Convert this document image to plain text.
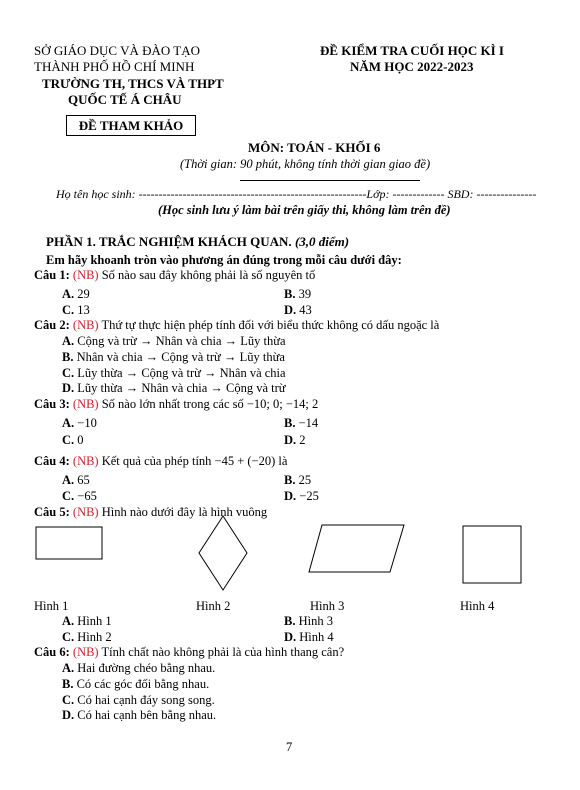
SỞ GIÁO DỤC VÀ ĐÀO TẠO
THÀNH PHỐ HỒ CHÍ MINH
TRƯỜNG TH, THCS VÀ THPT
QUỐC TẾ Á CHÂU
ĐỀ KIỂM TRA CUỐI HỌC KÌ I
NĂM HỌC 2022-2023
ĐỀ THAM KHẢO
MÔN: TOÁN - KHỐI 6
(Thời gian: 90 phút, không tính thời gian giao đề)
Họ tên học sinh: ---------------------------------------------------------Lớp: ------------- SBD: ---------------
(Học sinh lưu ý làm bài trên giấy thi, không làm trên đề)
PHẦN 1. TRẮC NGHIỆM KHÁCH QUAN. (3,0 điểm)
Em hãy khoanh tròn vào phương án đúng trong mỗi câu dưới đây:
Câu 1: (NB) Số nào sau đây không phải là số nguyên tố
A. 29	B. 39
C. 13	D. 43
Câu 2: (NB) Thứ tự thực hiện phép tính đối với biểu thức không có dấu ngoặc là
A. Cộng và trừ → Nhân và chia → Lũy thừa
B. Nhân và chia → Cộng và trừ → Lũy thừa
C. Lũy thừa → Cộng và trừ → Nhân và chia
D. Lũy thừa → Nhân và chia → Cộng và trừ
Câu 3: (NB) Số nào lớn nhất trong các số −10; 0; −14; 2
A. −10	B. −14
C. 0	D. 2
Câu 4: (NB) Kết quả của phép tính −45 + (−20) là
A. 65	B. 25
C. −65	D. −25
Câu 5: (NB) Hình nào dưới đây là hình vuông
Hình 1	Hình 2	Hình 3	Hình 4
A. Hình 1	B. Hình 3
C. Hình 2	D. Hình 4
Câu 6: (NB) Tính chất nào không phải là của hình thang cân?
A. Hai đường chéo bằng nhau.
B. Có các góc đối bằng nhau.
C. Có hai cạnh đáy song song.
D. Có hai cạnh bên bằng nhau.
7
